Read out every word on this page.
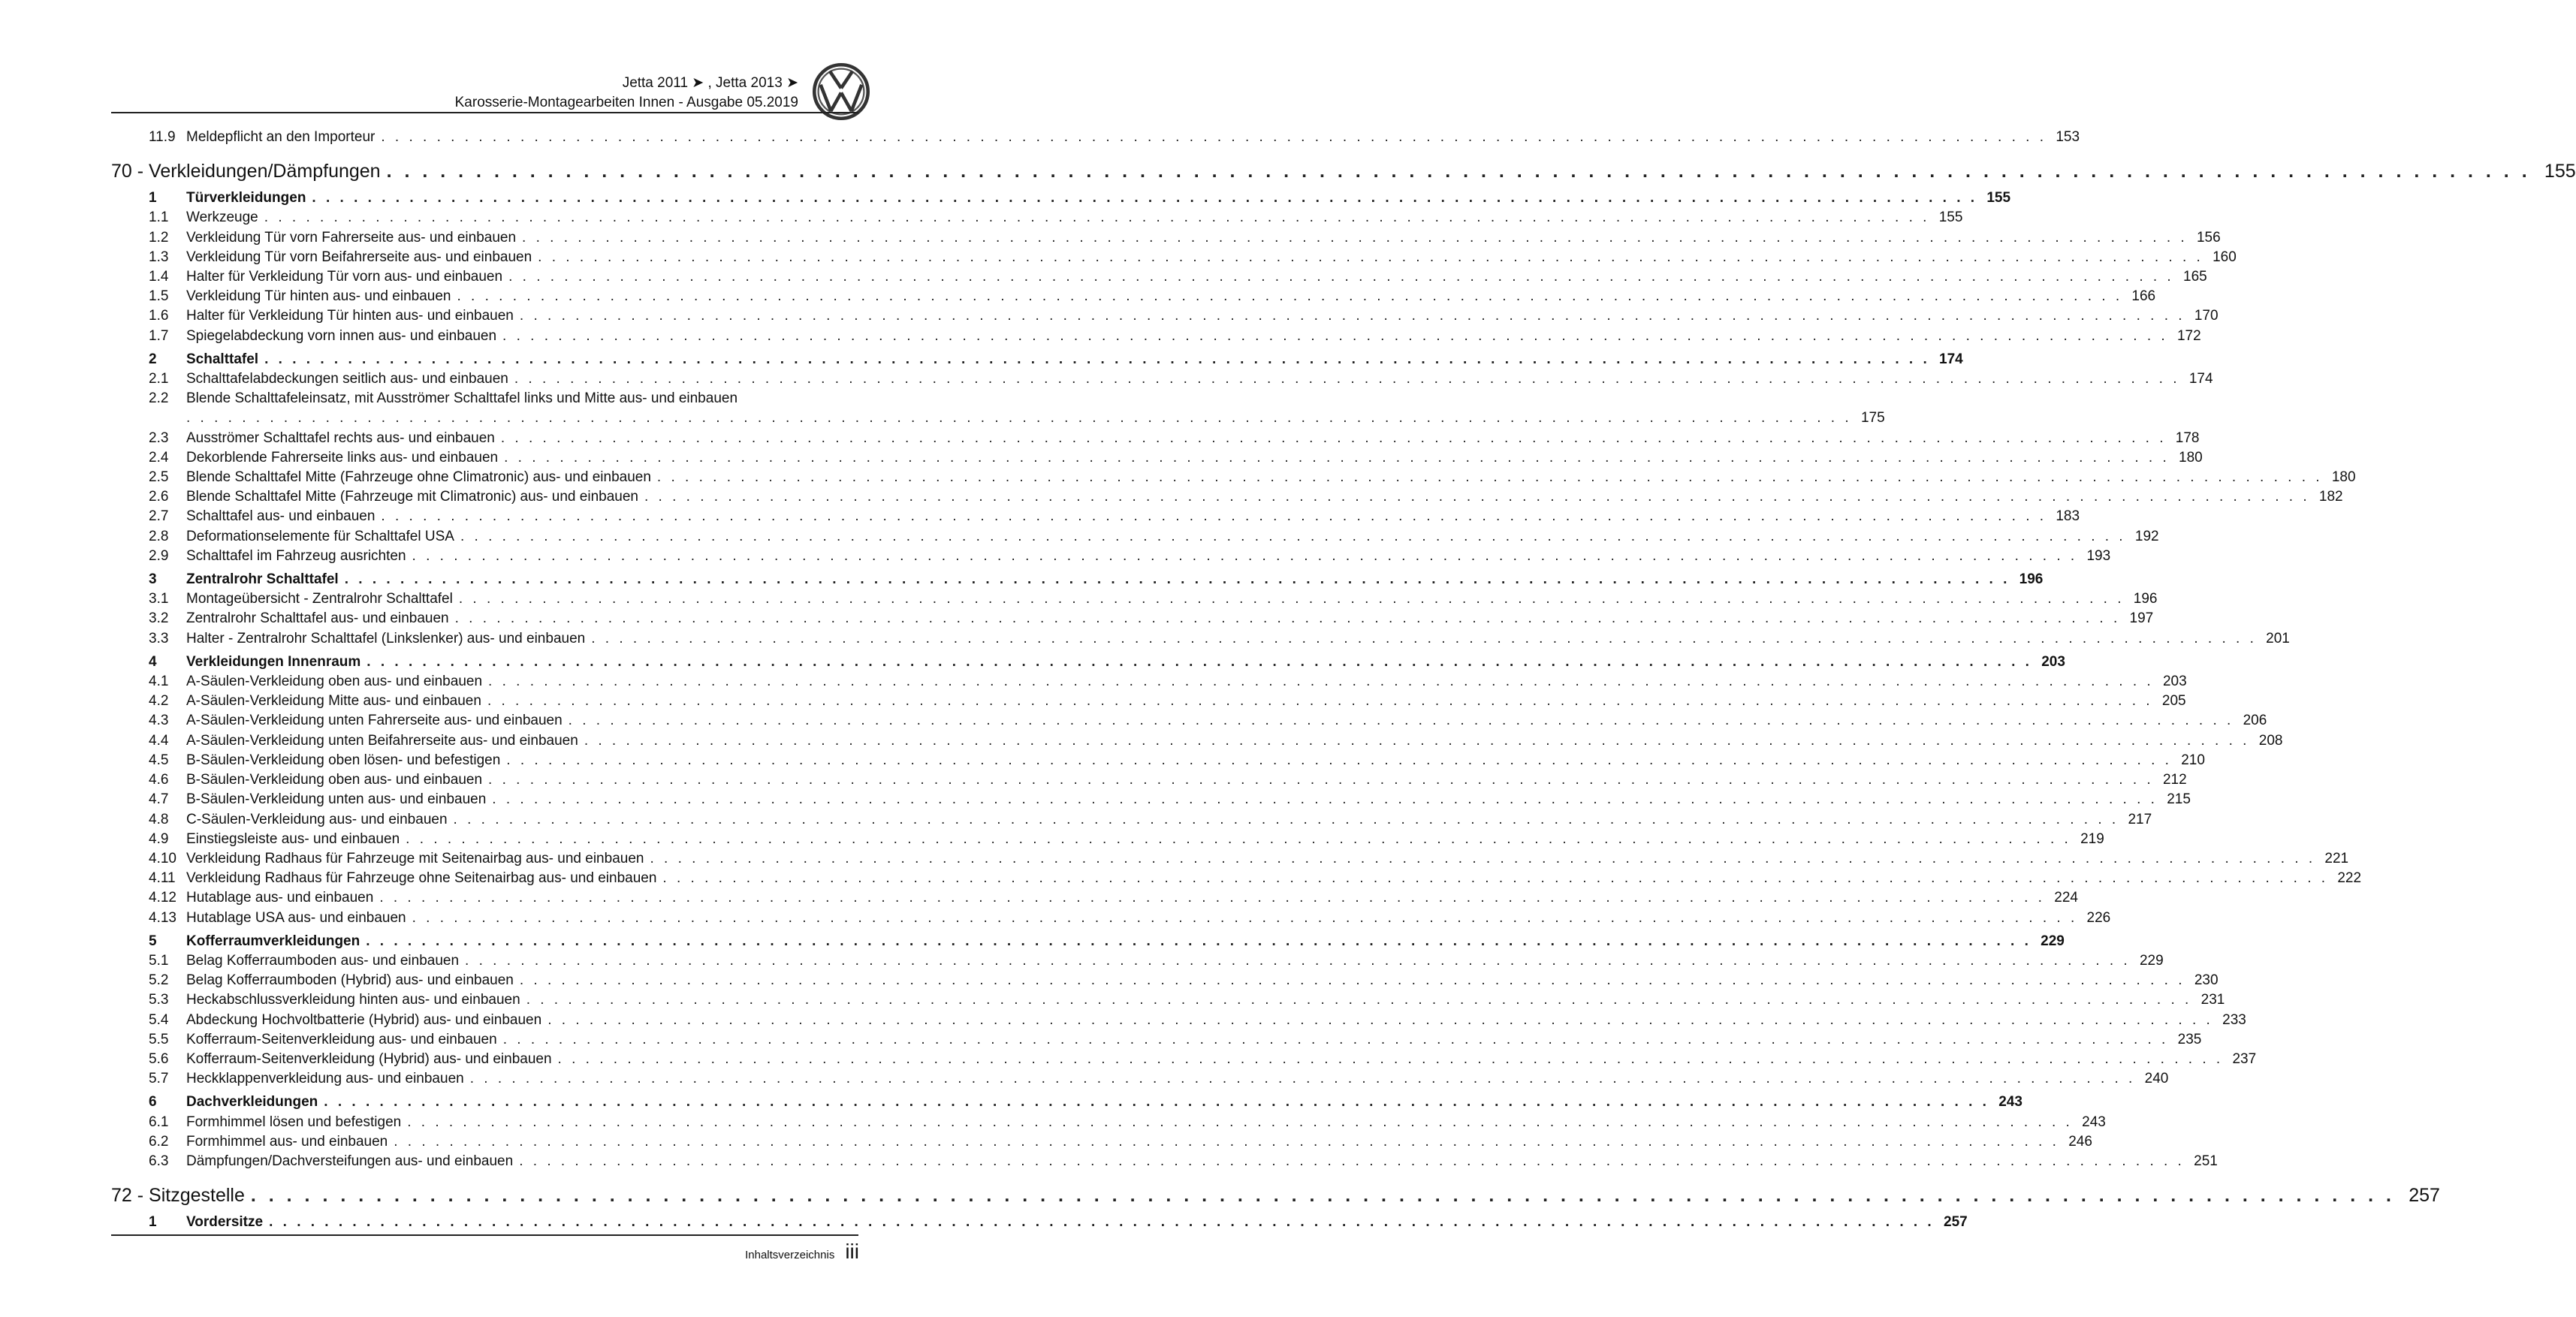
Jetta 2011 ➤ , Jetta 2013 ➤
Karosserie-Montagearbeiten Innen - Ausgabe 05.2019
11.9 Meldepflicht an den Importeur . . . . . . . . . . . . . . . . . . . . . . . . . . . . . . . . . . . . . . . . . . . . . . . . . . . . . . . . . . . . . . . . . . . . . . . . . . . . . . . . . . . . . . . . . . . . . . . . . . . . . . . . . . . . . . . . . . . . . . . . 153
70 - Verkleidungen/Dämpfungen . . . . . . . . . . . . . . . . . . . . . . . . . . . . . . . . . . . . . . . . . . . . . . . . . . . . . . . . . . . . . . . . . . . . . . . . . . . . . . . . . . . . . . . . . . . . . . . . . . . . . . . . . . . . . . . . . . . . . . . . 155
1	Türverkleidungen . . . . . . . . . . . . . . . . . . . . . . . . . . . . . . . . . . . . . . . . . . . . . . . . . . . . . . . . . . . . . . . . . . . . . . . . . . . . . . . . . . . . . . . . . . . . . . . . . . . . . . . . . . . . . . . . . . . . . . . . 155
1.1	Werkzeuge . . . . . . . . . . . . . . . . . . . . . . . . . . . . . . . . . . . . . . . . . . . . . . . . . . . . . . . . . . . . . . . . . . . . . . . . . . . . . . . . . . . . . . . . . . . . . . . . . . . . . . . . . . . . . . . . . . . . . . . . 155
1.2	Verkleidung Tür vorn Fahrerseite aus- und einbauen . . . . . . . . . . . . . . . . . . . . . . . . . . . . . . . . . . . . . . . . . . . . . . . . . . . . . . . . . . . . . . . . . . . . . . . . . . . . . . . . . . . . . . . . . . . . . . . . . . . . . . . . . . . . . . . . . . . . . . . . 156
1.3	Verkleidung Tür vorn Beifahrerseite aus- und einbauen . . . . . . . . . . . . . . . . . . . . . . . . . . . . . . . . . . . . . . . . . . . . . . . . . . . . . . . . . . . . . . . . . . . . . . . . . . . . . . . . . . . . . . . . . . . . . . . . . . . . . . . . . . . . . . . . . . . . . . . . 160
1.4	Halter für Verkleidung Tür vorn aus- und einbauen . . . . . . . . . . . . . . . . . . . . . . . . . . . . . . . . . . . . . . . . . . . . . . . . . . . . . . . . . . . . . . . . . . . . . . . . . . . . . . . . . . . . . . . . . . . . . . . . . . . . . . . . . . . . . . . . . . . . . . . . 165
1.5	Verkleidung Tür hinten aus- und einbauen . . . . . . . . . . . . . . . . . . . . . . . . . . . . . . . . . . . . . . . . . . . . . . . . . . . . . . . . . . . . . . . . . . . . . . . . . . . . . . . . . . . . . . . . . . . . . . . . . . . . . . . . . . . . . . . . . . . . . . . . 166
1.6	Halter für Verkleidung Tür hinten aus- und einbauen . . . . . . . . . . . . . . . . . . . . . . . . . . . . . . . . . . . . . . . . . . . . . . . . . . . . . . . . . . . . . . . . . . . . . . . . . . . . . . . . . . . . . . . . . . . . . . . . . . . . . . . . . . . . . . . . . . . . . . . . 170
1.7	Spiegelabdeckung vorn innen aus- und einbauen . . . . . . . . . . . . . . . . . . . . . . . . . . . . . . . . . . . . . . . . . . . . . . . . . . . . . . . . . . . . . . . . . . . . . . . . . . . . . . . . . . . . . . . . . . . . . . . . . . . . . . . . . . . . . . . . . . . . . . . . 172
2	Schalttafel . . . . . . . . . . . . . . . . . . . . . . . . . . . . . . . . . . . . . . . . . . . . . . . . . . . . . . . . . . . . . . . . . . . . . . . . . . . . . . . . . . . . . . . . . . . . . . . . . . . . . . . . . . . . . . . . . . . . . . . . 174
2.1	Schalttafelabdeckungen seitlich aus- und einbauen . . . . . . . . . . . . . . . . . . . . . . . . . . . . . . . . . . . . . . . . . . . . . . . . . . . . . . . . . . . . . . . . . . . . . . . . . . . . . . . . . . . . . . . . . . . . . . . . . . . . . . . . . . . . . . . . . . . . . . . . 174
2.2	Blende Schalttafeleinsatz, mit Ausströmer Schalttafel links und Mitte aus- und einbauen
. . . . . . . . . . . . . . . . . . . . . . . . . . . . . . . . . . . . . . . . . . . . . . . . . . . . . . . . . . . . . . . . . . . . . . . . . . . . . . . . . . . . . . . . . . . . . . . . . . . . . . . . . . . . . . . . . . . . . . . . 175
2.3	Ausströmer Schalttafel rechts aus- und einbauen . . . . . . . . . . . . . . . . . . . . . . . . . . . . . . . . . . . . . . . . . . . . . . . . . . . . . . . . . . . . . . . . . . . . . . . . . . . . . . . . . . . . . . . . . . . . . . . . . . . . . . . . . . . . . . . . . . . . . . . . 178
2.4	Dekorblende Fahrerseite links aus- und einbauen . . . . . . . . . . . . . . . . . . . . . . . . . . . . . . . . . . . . . . . . . . . . . . . . . . . . . . . . . . . . . . . . . . . . . . . . . . . . . . . . . . . . . . . . . . . . . . . . . . . . . . . . . . . . . . . . . . . . . . . . 180
2.5	Blende Schalttafel Mitte (Fahrzeuge ohne Climatronic) aus- und einbauen . . . . . . . . . . . . . . . . . . . . . . . . . . . . . . . . . . . . . . . . . . . . . . . . . . . . . . . . . . . . . . . . . . . . . . . . . . . . . . . . . . . . . . . . . . . . . . . . . . . . . . . . . . . . . . . . . . . . . . . . 180
2.6	Blende Schalttafel Mitte (Fahrzeuge mit Climatronic) aus- und einbauen . . . . . . . . . . . . . . . . . . . . . . . . . . . . . . . . . . . . . . . . . . . . . . . . . . . . . . . . . . . . . . . . . . . . . . . . . . . . . . . . . . . . . . . . . . . . . . . . . . . . . . . . . . . . . . . . . . . . . . . . 182
2.7	Schalttafel aus- und einbauen . . . . . . . . . . . . . . . . . . . . . . . . . . . . . . . . . . . . . . . . . . . . . . . . . . . . . . . . . . . . . . . . . . . . . . . . . . . . . . . . . . . . . . . . . . . . . . . . . . . . . . . . . . . . . . . . . . . . . . . . 183
2.8	Deformationselemente für Schalttafel USA . . . . . . . . . . . . . . . . . . . . . . . . . . . . . . . . . . . . . . . . . . . . . . . . . . . . . . . . . . . . . . . . . . . . . . . . . . . . . . . . . . . . . . . . . . . . . . . . . . . . . . . . . . . . . . . . . . . . . . . . 192
2.9	Schalttafel im Fahrzeug ausrichten . . . . . . . . . . . . . . . . . . . . . . . . . . . . . . . . . . . . . . . . . . . . . . . . . . . . . . . . . . . . . . . . . . . . . . . . . . . . . . . . . . . . . . . . . . . . . . . . . . . . . . . . . . . . . . . . . . . . . . . . 193
3	Zentralrohr Schalttafel . . . . . . . . . . . . . . . . . . . . . . . . . . . . . . . . . . . . . . . . . . . . . . . . . . . . . . . . . . . . . . . . . . . . . . . . . . . . . . . . . . . . . . . . . . . . . . . . . . . . . . . . . . . . . . . . . . . . . . . . 196
3.1	Montageübersicht - Zentralrohr Schalttafel . . . . . . . . . . . . . . . . . . . . . . . . . . . . . . . . . . . . . . . . . . . . . . . . . . . . . . . . . . . . . . . . . . . . . . . . . . . . . . . . . . . . . . . . . . . . . . . . . . . . . . . . . . . . . . . . . . . . . . . . 196
3.2	Zentralrohr Schalttafel aus- und einbauen . . . . . . . . . . . . . . . . . . . . . . . . . . . . . . . . . . . . . . . . . . . . . . . . . . . . . . . . . . . . . . . . . . . . . . . . . . . . . . . . . . . . . . . . . . . . . . . . . . . . . . . . . . . . . . . . . . . . . . . . 197
3.3	Halter - Zentralrohr Schalttafel (Linkslenker) aus- und einbauen . . . . . . . . . . . . . . . . . . . . . . . . . . . . . . . . . . . . . . . . . . . . . . . . . . . . . . . . . . . . . . . . . . . . . . . . . . . . . . . . . . . . . . . . . . . . . . . . . . . . . . . . . . . . . . . . . . . . . . . . 201
4	Verkleidungen Innenraum . . . . . . . . . . . . . . . . . . . . . . . . . . . . . . . . . . . . . . . . . . . . . . . . . . . . . . . . . . . . . . . . . . . . . . . . . . . . . . . . . . . . . . . . . . . . . . . . . . . . . . . . . . . . . . . . . . . . . . . . 203
4.1	A-Säulen-Verkleidung oben aus- und einbauen . . . . . . . . . . . . . . . . . . . . . . . . . . . . . . . . . . . . . . . . . . . . . . . . . . . . . . . . . . . . . . . . . . . . . . . . . . . . . . . . . . . . . . . . . . . . . . . . . . . . . . . . . . . . . . . . . . . . . . . . 203
4.2	A-Säulen-Verkleidung Mitte aus- und einbauen . . . . . . . . . . . . . . . . . . . . . . . . . . . . . . . . . . . . . . . . . . . . . . . . . . . . . . . . . . . . . . . . . . . . . . . . . . . . . . . . . . . . . . . . . . . . . . . . . . . . . . . . . . . . . . . . . . . . . . . . 205
4.3	A-Säulen-Verkleidung unten Fahrerseite aus- und einbauen . . . . . . . . . . . . . . . . . . . . . . . . . . . . . . . . . . . . . . . . . . . . . . . . . . . . . . . . . . . . . . . . . . . . . . . . . . . . . . . . . . . . . . . . . . . . . . . . . . . . . . . . . . . . . . . . . . . . . . . . 206
4.4	A-Säulen-Verkleidung unten Beifahrerseite aus- und einbauen . . . . . . . . . . . . . . . . . . . . . . . . . . . . . . . . . . . . . . . . . . . . . . . . . . . . . . . . . . . . . . . . . . . . . . . . . . . . . . . . . . . . . . . . . . . . . . . . . . . . . . . . . . . . . . . . . . . . . . . . 208
4.5	B-Säulen-Verkleidung oben lösen- und befestigen . . . . . . . . . . . . . . . . . . . . . . . . . . . . . . . . . . . . . . . . . . . . . . . . . . . . . . . . . . . . . . . . . . . . . . . . . . . . . . . . . . . . . . . . . . . . . . . . . . . . . . . . . . . . . . . . . . . . . . . . 210
4.6	B-Säulen-Verkleidung oben aus- und einbauen . . . . . . . . . . . . . . . . . . . . . . . . . . . . . . . . . . . . . . . . . . . . . . . . . . . . . . . . . . . . . . . . . . . . . . . . . . . . . . . . . . . . . . . . . . . . . . . . . . . . . . . . . . . . . . . . . . . . . . . . 212
4.7	B-Säulen-Verkleidung unten aus- und einbauen . . . . . . . . . . . . . . . . . . . . . . . . . . . . . . . . . . . . . . . . . . . . . . . . . . . . . . . . . . . . . . . . . . . . . . . . . . . . . . . . . . . . . . . . . . . . . . . . . . . . . . . . . . . . . . . . . . . . . . . . 215
4.8	C-Säulen-Verkleidung aus- und einbauen . . . . . . . . . . . . . . . . . . . . . . . . . . . . . . . . . . . . . . . . . . . . . . . . . . . . . . . . . . . . . . . . . . . . . . . . . . . . . . . . . . . . . . . . . . . . . . . . . . . . . . . . . . . . . . . . . . . . . . . . 217
4.9	Einstiegsleiste aus- und einbauen . . . . . . . . . . . . . . . . . . . . . . . . . . . . . . . . . . . . . . . . . . . . . . . . . . . . . . . . . . . . . . . . . . . . . . . . . . . . . . . . . . . . . . . . . . . . . . . . . . . . . . . . . . . . . . . . . . . . . . . . 219
4.10 Verkleidung Radhaus für Fahrzeuge mit Seitenairbag aus- und einbauen . . . . . . . . . . . . . . . . . . . . . . . . . . . . . . . . . . . . . . . . . . . . . . . . . . . . . . . . . . . . . . . . . . . . . . . . . . . . . . . . . . . . . . . . . . . . . . . . . . . . . . . . . . . . . . . . . . . . . . . . 221
4.11 Verkleidung Radhaus für Fahrzeuge ohne Seitenairbag aus- und einbauen . . . . . . . . . . . . . . . . . . . . . . . . . . . . . . . . . . . . . . . . . . . . . . . . . . . . . . . . . . . . . . . . . . . . . . . . . . . . . . . . . . . . . . . . . . . . . . . . . . . . . . . . . . . . . . . . . . . . . . . . 222
4.12 Hutablage aus- und einbauen . . . . . . . . . . . . . . . . . . . . . . . . . . . . . . . . . . . . . . . . . . . . . . . . . . . . . . . . . . . . . . . . . . . . . . . . . . . . . . . . . . . . . . . . . . . . . . . . . . . . . . . . . . . . . . . . . . . . . . . . 224
4.13 Hutablage USA aus- und einbauen . . . . . . . . . . . . . . . . . . . . . . . . . . . . . . . . . . . . . . . . . . . . . . . . . . . . . . . . . . . . . . . . . . . . . . . . . . . . . . . . . . . . . . . . . . . . . . . . . . . . . . . . . . . . . . . . . . . . . . . . 226
5	Kofferraumverkleidungen . . . . . . . . . . . . . . . . . . . . . . . . . . . . . . . . . . . . . . . . . . . . . . . . . . . . . . . . . . . . . . . . . . . . . . . . . . . . . . . . . . . . . . . . . . . . . . . . . . . . . . . . . . . . . . . . . . . . . . . . 229
5.1	Belag Kofferraumboden aus- und einbauen . . . . . . . . . . . . . . . . . . . . . . . . . . . . . . . . . . . . . . . . . . . . . . . . . . . . . . . . . . . . . . . . . . . . . . . . . . . . . . . . . . . . . . . . . . . . . . . . . . . . . . . . . . . . . . . . . . . . . . . . 229
5.2	Belag Kofferraumboden (Hybrid) aus- und einbauen . . . . . . . . . . . . . . . . . . . . . . . . . . . . . . . . . . . . . . . . . . . . . . . . . . . . . . . . . . . . . . . . . . . . . . . . . . . . . . . . . . . . . . . . . . . . . . . . . . . . . . . . . . . . . . . . . . . . . . . . 230
5.3	Heckabschlussverkleidung hinten aus- und einbauen . . . . . . . . . . . . . . . . . . . . . . . . . . . . . . . . . . . . . . . . . . . . . . . . . . . . . . . . . . . . . . . . . . . . . . . . . . . . . . . . . . . . . . . . . . . . . . . . . . . . . . . . . . . . . . . . . . . . . . . . 231
5.4	Abdeckung Hochvoltbatterie (Hybrid) aus- und einbauen . . . . . . . . . . . . . . . . . . . . . . . . . . . . . . . . . . . . . . . . . . . . . . . . . . . . . . . . . . . . . . . . . . . . . . . . . . . . . . . . . . . . . . . . . . . . . . . . . . . . . . . . . . . . . . . . . . . . . . . . 233
5.5	Kofferraum-Seitenverkleidung aus- und einbauen . . . . . . . . . . . . . . . . . . . . . . . . . . . . . . . . . . . . . . . . . . . . . . . . . . . . . . . . . . . . . . . . . . . . . . . . . . . . . . . . . . . . . . . . . . . . . . . . . . . . . . . . . . . . . . . . . . . . . . . . 235
5.6	Kofferraum-Seitenverkleidung (Hybrid) aus- und einbauen . . . . . . . . . . . . . . . . . . . . . . . . . . . . . . . . . . . . . . . . . . . . . . . . . . . . . . . . . . . . . . . . . . . . . . . . . . . . . . . . . . . . . . . . . . . . . . . . . . . . . . . . . . . . . . . . . . . . . . . . 237
5.7	Heckklappenverkleidung aus- und einbauen . . . . . . . . . . . . . . . . . . . . . . . . . . . . . . . . . . . . . . . . . . . . . . . . . . . . . . . . . . . . . . . . . . . . . . . . . . . . . . . . . . . . . . . . . . . . . . . . . . . . . . . . . . . . . . . . . . . . . . . . 240
6	Dachverkleidungen . . . . . . . . . . . . . . . . . . . . . . . . . . . . . . . . . . . . . . . . . . . . . . . . . . . . . . . . . . . . . . . . . . . . . . . . . . . . . . . . . . . . . . . . . . . . . . . . . . . . . . . . . . . . . . . . . . . . . . . . 243
6.1	Formhimmel lösen und befestigen . . . . . . . . . . . . . . . . . . . . . . . . . . . . . . . . . . . . . . . . . . . . . . . . . . . . . . . . . . . . . . . . . . . . . . . . . . . . . . . . . . . . . . . . . . . . . . . . . . . . . . . . . . . . . . . . . . . . . . . . 243
6.2	Formhimmel aus- und einbauen . . . . . . . . . . . . . . . . . . . . . . . . . . . . . . . . . . . . . . . . . . . . . . . . . . . . . . . . . . . . . . . . . . . . . . . . . . . . . . . . . . . . . . . . . . . . . . . . . . . . . . . . . . . . . . . . . . . . . . . . 246
6.3	Dämpfungen/Dachversteifungen aus- und einbauen . . . . . . . . . . . . . . . . . . . . . . . . . . . . . . . . . . . . . . . . . . . . . . . . . . . . . . . . . . . . . . . . . . . . . . . . . . . . . . . . . . . . . . . . . . . . . . . . . . . . . . . . . . . . . . . . . . . . . . . . 251
72 - Sitzgestelle . . . . . . . . . . . . . . . . . . . . . . . . . . . . . . . . . . . . . . . . . . . . . . . . . . . . . . . . . . . . . . . . . . . . . . . . . . . . . . . . . . . . . . . . . . . . . . . . . . . . . . . . . . . . . . . . . . . . . . . . 257
1	Vordersitze . . . . . . . . . . . . . . . . . . . . . . . . . . . . . . . . . . . . . . . . . . . . . . . . . . . . . . . . . . . . . . . . . . . . . . . . . . . . . . . . . . . . . . . . . . . . . . . . . . . . . . . . . . . . . . . . . . . . . . . . 257
Inhaltsverzeichnis iii
